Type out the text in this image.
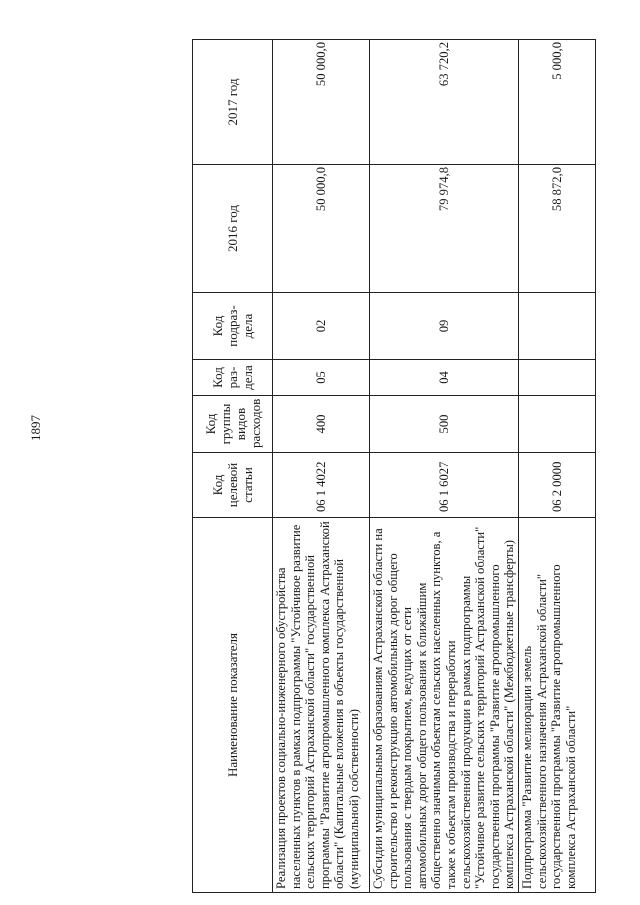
1897
Наименование показателя	Код целевой статьи	Код группы видов расходов	Код раз-дела	Код подраз-дела	2016 год	2017 год
Реализация проектов социально-инженерного обустройства населенных пунктов в рамках подпрограммы "Устойчивое развитие сельских территорий Астраханской области" государственной программы "Развитие агропромышленного комплекса Астраханской области" (Капитальные вложения в объекты государственной (муниципальной) собственности)	06 1 4022	400	05	02	50 000,0	50 000,0
Субсидии муниципальным образованиям Астраханской области на строительство и реконструкцию автомобильных дорог общего пользования с твердым покрытием, ведущих от сети автомобильных дорог общего пользования к ближайшим общественно значимым объектам сельских населенных пунктов, а также к объектам производства и переработки сельскохозяйственной продукции в рамках подпрограммы "Устойчивое развитие сельских территорий Астраханской области" государственной программы "Развитие агропромышленного комплекса Астраханской области" (Межбюджетные трансферты)	06 1 6027	500	04	09	79 974,8	63 720,2
Подпрограмма "Развитие мелиорации земель сельскохозяйственного назначения Астраханской области" государственной программы "Развитие агропромышленного комплекса Астраханской области"	06 2 0000				58 872,0	5 000,0
